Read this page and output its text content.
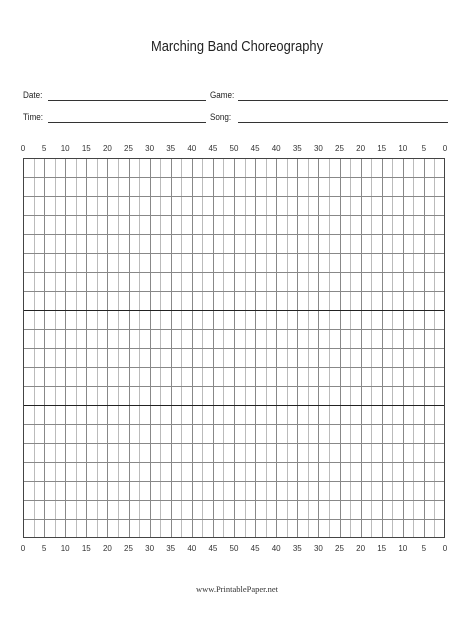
Marching Band Choreography
Date:	Game:
Time:	Song:
0	5	10	15	20	25	30	35	40	45	50	45	40	35	30	25	20	15	10	5	0
0	5	10	15	20	25	30	35	40	45	50	45	40	35	30	25	20	15	10	5	0
www.PrintablePaper.net
